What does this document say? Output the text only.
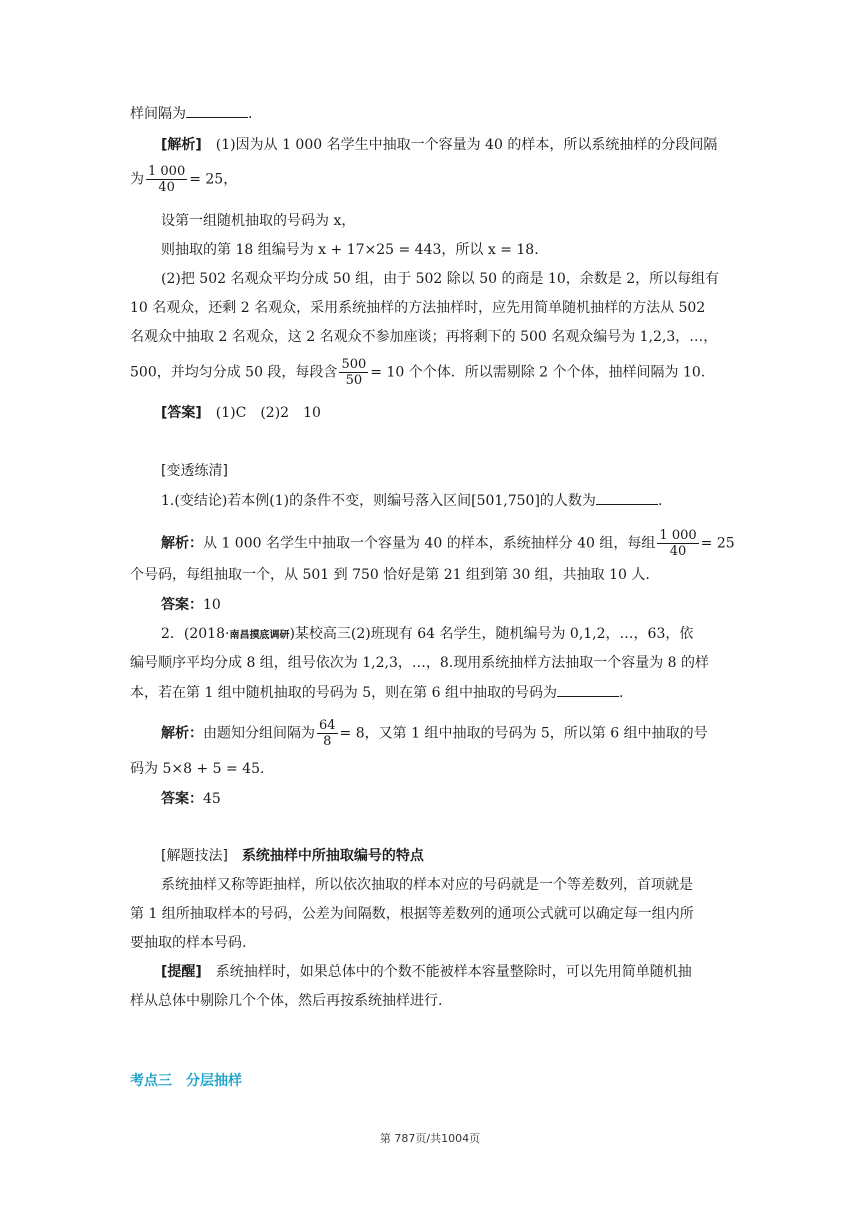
样间隔为	.
[解析]　 (1)因为从 1 000 名学生中抽取一个容量为 40 的样本，所以系统抽样的分段间隔
为 $\frac{1 000}{40} = 25$，
设第一组随机抽取的号码为 x，
则抽取的第 18 组编号为 x + 17×25 = 443，所以 x = 18.
(2)把 502 名观众平均分成 50 组，由于 502 除以 50 的商是 10，余数是 2，所以每组有
10 名观众，还剩 2 名观众，采用系统抽样的方法抽样时，应先用简单随机抽样的方法从 502
名观众中抽取 2 名观众，这 2 名观众不参加座谈；再将剩下的 500 名观众编号为 1,2,3，…，
500，并均匀分成 50 段，每段含 $\frac{500}{50} = 10$ 个个体．所以需剔除 2 个个体，抽样间隔为 10.
[答案]　 (1)C　(2)2　10
[变透练清]
1.(变结论)若本例(1)的条件不变，则编号落入区间[501,750]的人数为	.
解析：从 1 000 名学生中抽取一个容量为 40 的样本，系统抽样分 40 组，每组 $\frac{1 000}{40} = 25$
个号码，每组抽取一个，从 501 到 750 恰好是第 21 组到第 30 组，共抽取 10 人.
答案：10
2．(2018·南昌摸底调研)某校高三(2)班现有 64 名学生，随机编号为 0,1,2，…，63，依
编号顺序平均分成 8 组，组号依次为 1,2,3，…，8.现用系统抽样方法抽取一个容量为 8 的样
本，若在第 1 组中随机抽取的号码为 5，则在第 6 组中抽取的号码为	.
解析：由题知分组间隔为 $\frac{64}{8} = 8$，又第 1 组中抽取的号码为 5，所以第 6 组中抽取的号
码为 5×8 + 5 = 45.
答案：45
[解题技法]　 系统抽样中所抽取编号的特点
系统抽样又称等距抽样，所以依次抽取的样本对应的号码就是一个等差数列，首项就是
第 1 组所抽取样本的号码，公差为间隔数，根据等差数列的通项公式就可以确定每一组内所
要抽取的样本号码.
[提醒]　 系统抽样时，如果总体中的个数不能被样本容量整除时，可以先用简单随机抽
样从总体中剔除几个个体，然后再按系统抽样进行.
考点三　分层抽样
第 787页/共1004页
